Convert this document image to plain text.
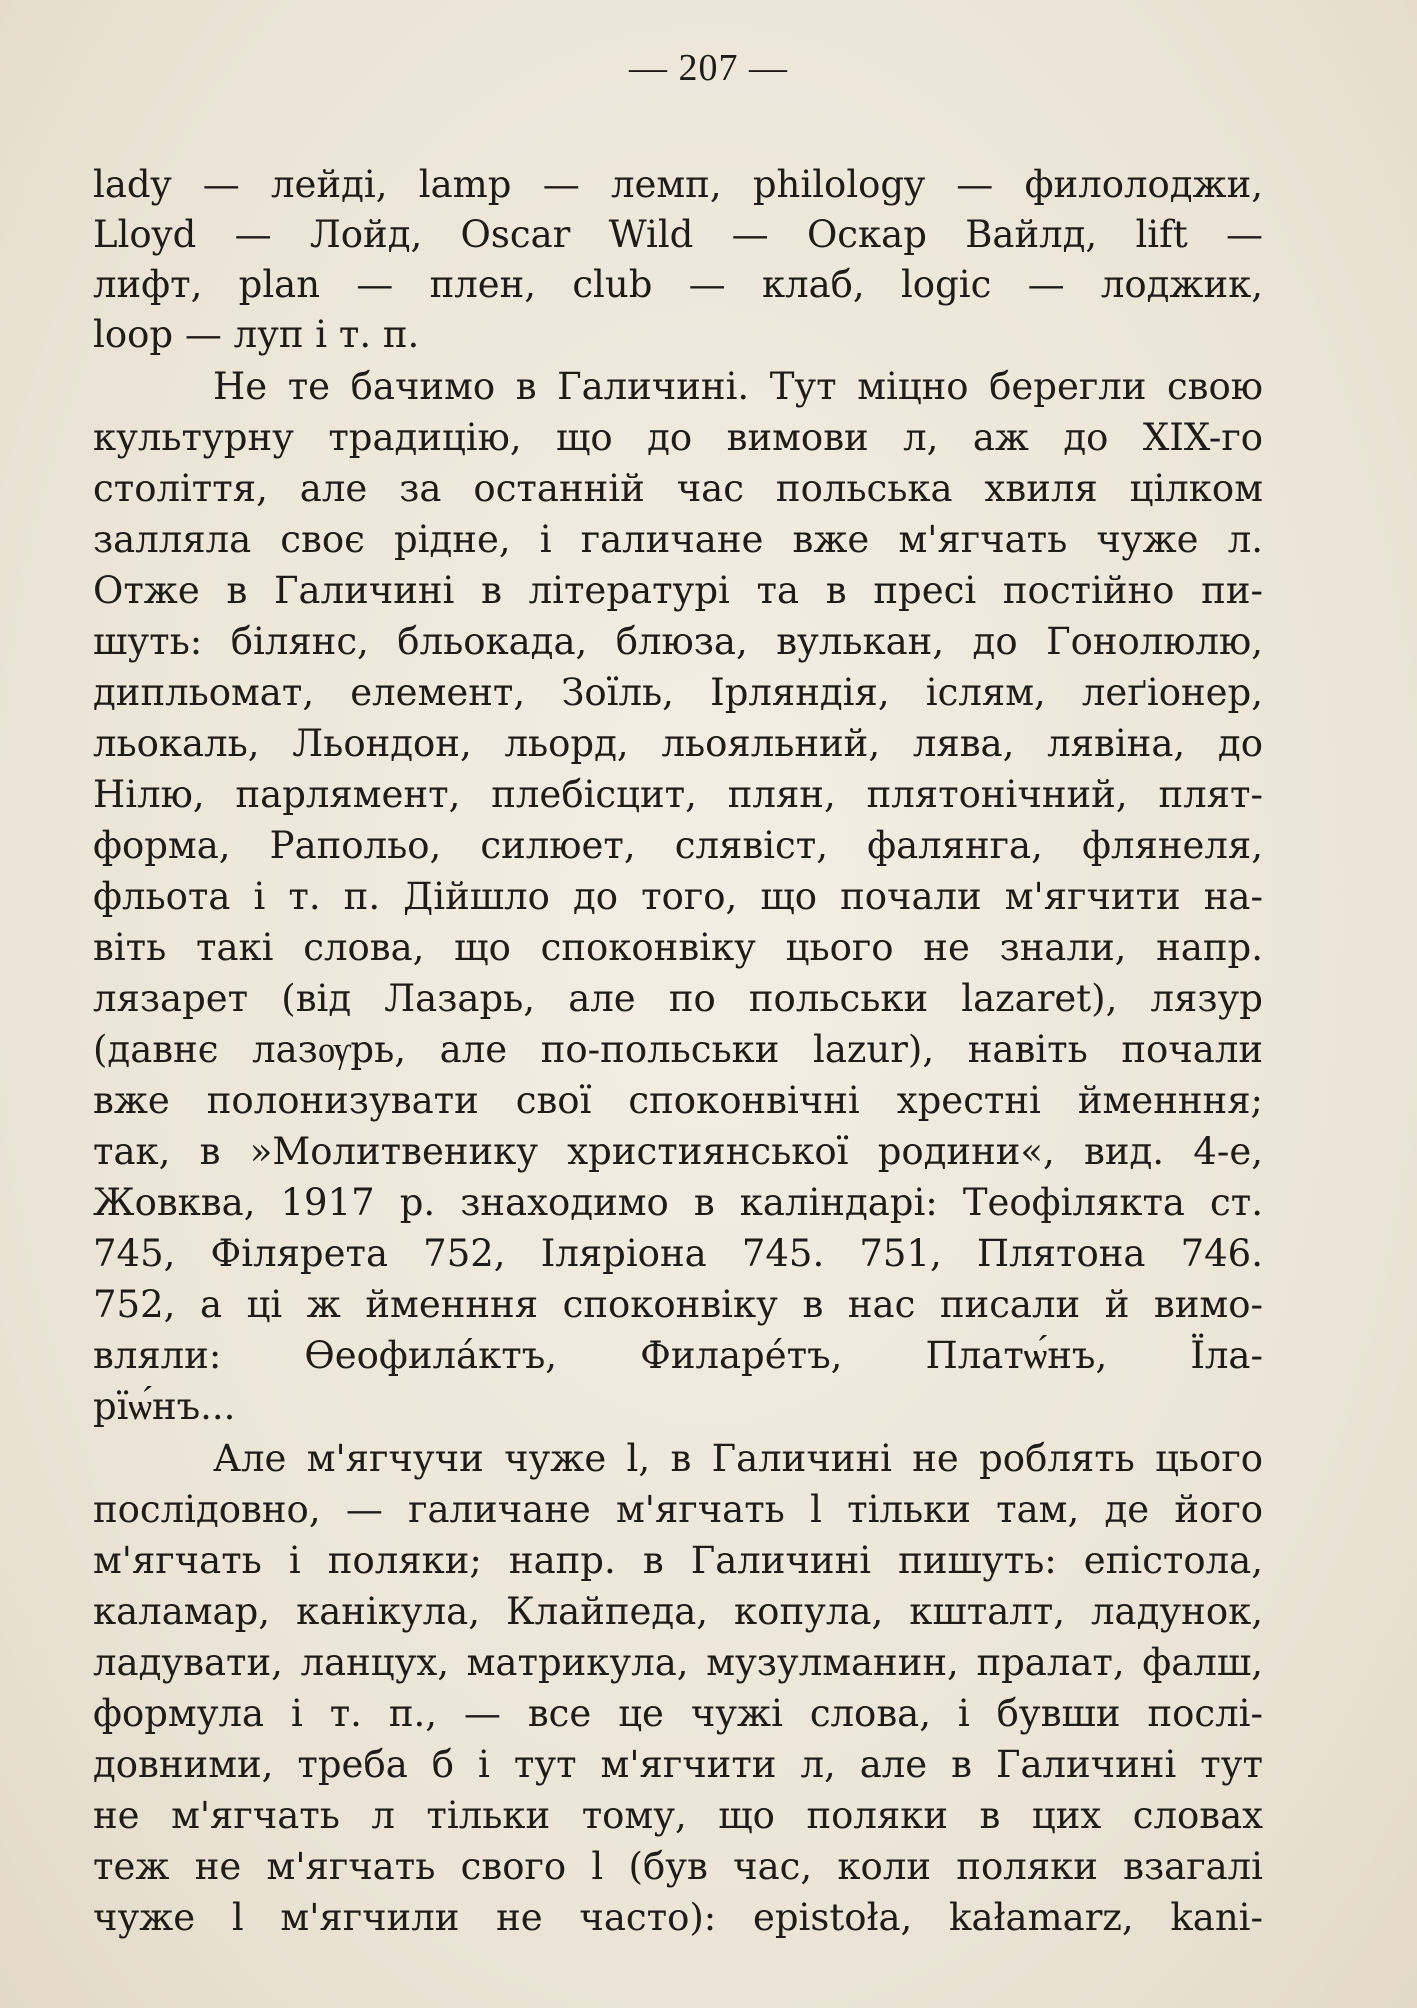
— 207 —
lady — лейді, lamp — лемп, philology — филолоджи,
Lloyd — Лойд, Oscar Wild — Оскар Вайлд, lift —
лифт, plan — плен, club — клаб, logic — лоджик,
loop — луп і т. п.
Не те бачимо в Галичині. Тут міцно берегли свою
культурну традицію, що до вимови л, аж до XIX-го
століття, але за останній час польська хвиля цілком
залляла своє рідне, і галичане вже м'ягчать чуже л.
Отже в Галичині в літературі та в пресі постійно пи-
шуть: білянс, бльокада, блюза, вулькан, до Гонолюлю,
дипльомат, елемент, Зоїль, Ірляндія, іслям, леґіонер,
льокаль, Льондон, льорд, льояльний, лява, лявіна, до
Нілю, парлямент, плебісцит, плян, плятонічний, плят-
форма, Рапольо, силюет, слявіст, фалянга, флянеля,
фльота і т. п. Дійшло до того, що почали м'ягчити на-
віть такі слова, що споконвіку цього не знали, напр.
лязарет (від Лазарь, але по польськи lazaret), лязур
(давнє лазѹрь, але по-польськи lazur), навіть почали
вже полонизувати свої споконвічні хрестні йменння;
так, в »Молитвенику християнської родини«, вид. 4-е,
Жовква, 1917 р. знаходимо в каліндарі: Теофілякта ст.
745, Філярета 752, Іляріона 745. 751, Плятона 746.
752, а ці ж йменння споконвіку в нас писали й вимо-
вляли: Ѳеофилáктъ, Филарéтъ, Платѡ́нъ, Їла-
рїѡ́нъ...
Але м'ягчучи чуже l, в Галичині не роблять цього
послідовно, — галичане м'ягчать l тільки там, де його
м'ягчать і поляки; напр. в Галичині пишуть: епістола,
каламар, канікула, Клайпеда, копула, кшталт, ладунок,
ладувати, ланцух, матрикула, музулманин, пралат, фалш,
формула і т. п., — все це чужі слова, і бувши послі-
довними, треба б і тут м'ягчити л, але в Галичині тут
не м'ягчать л тільки тому, що поляки в цих словах
теж не м'ягчать свого l (був час, коли поляки взагалі
чуже l м'ягчили не часто): epistoła, kałamarz, kani-
